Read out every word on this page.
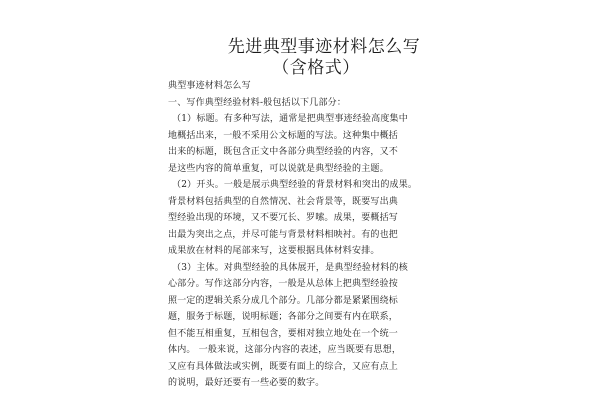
先进典型事迹材料怎么写
（含格式）
典型事迹材料怎么写
一、写作典型经验材料-般包括以下几部分：
（1）标题。有多种写法，通常是把典型事迹经验高度集中
地概括出来，一般不采用公文标题的写法。这种集中概括
出来的标题，既包含正文中各部分典型经验的内容，又不
是这些内容的简单重复，可以说就是典型经验的主题。
（2）开头。一般是展示典型经验的背景材料和突出的成果。
背景材料包括典型的自然情况、社会背景等，既要写出典
型经验出现的环境，又不要冗长、罗嗦。成果，要概括写
出最为突出之点，并尽可能与背景材料相映衬。有的也把
成果放在材料的尾部来写，这要根据具体材料安排。
（3）主体。对典型经验的具体展开，是典型经验材料的核
心部分。写作这部分内容，一般是从总体上把典型经验按
照一定的逻辑关系分成几个部分。几部分都是紧紧围绕标
题，服务于标题，说明标题；各部分之间要有内在联系，
但不能互相重复，互相包含，要相对独立地处在一个统一
体内。 一般来说，这部分内容的表述，应当既要有思想，
又应有具体做法或实例，既要有面上的综合，又应有点上
的说明，最好还要有一些必要的数字。
